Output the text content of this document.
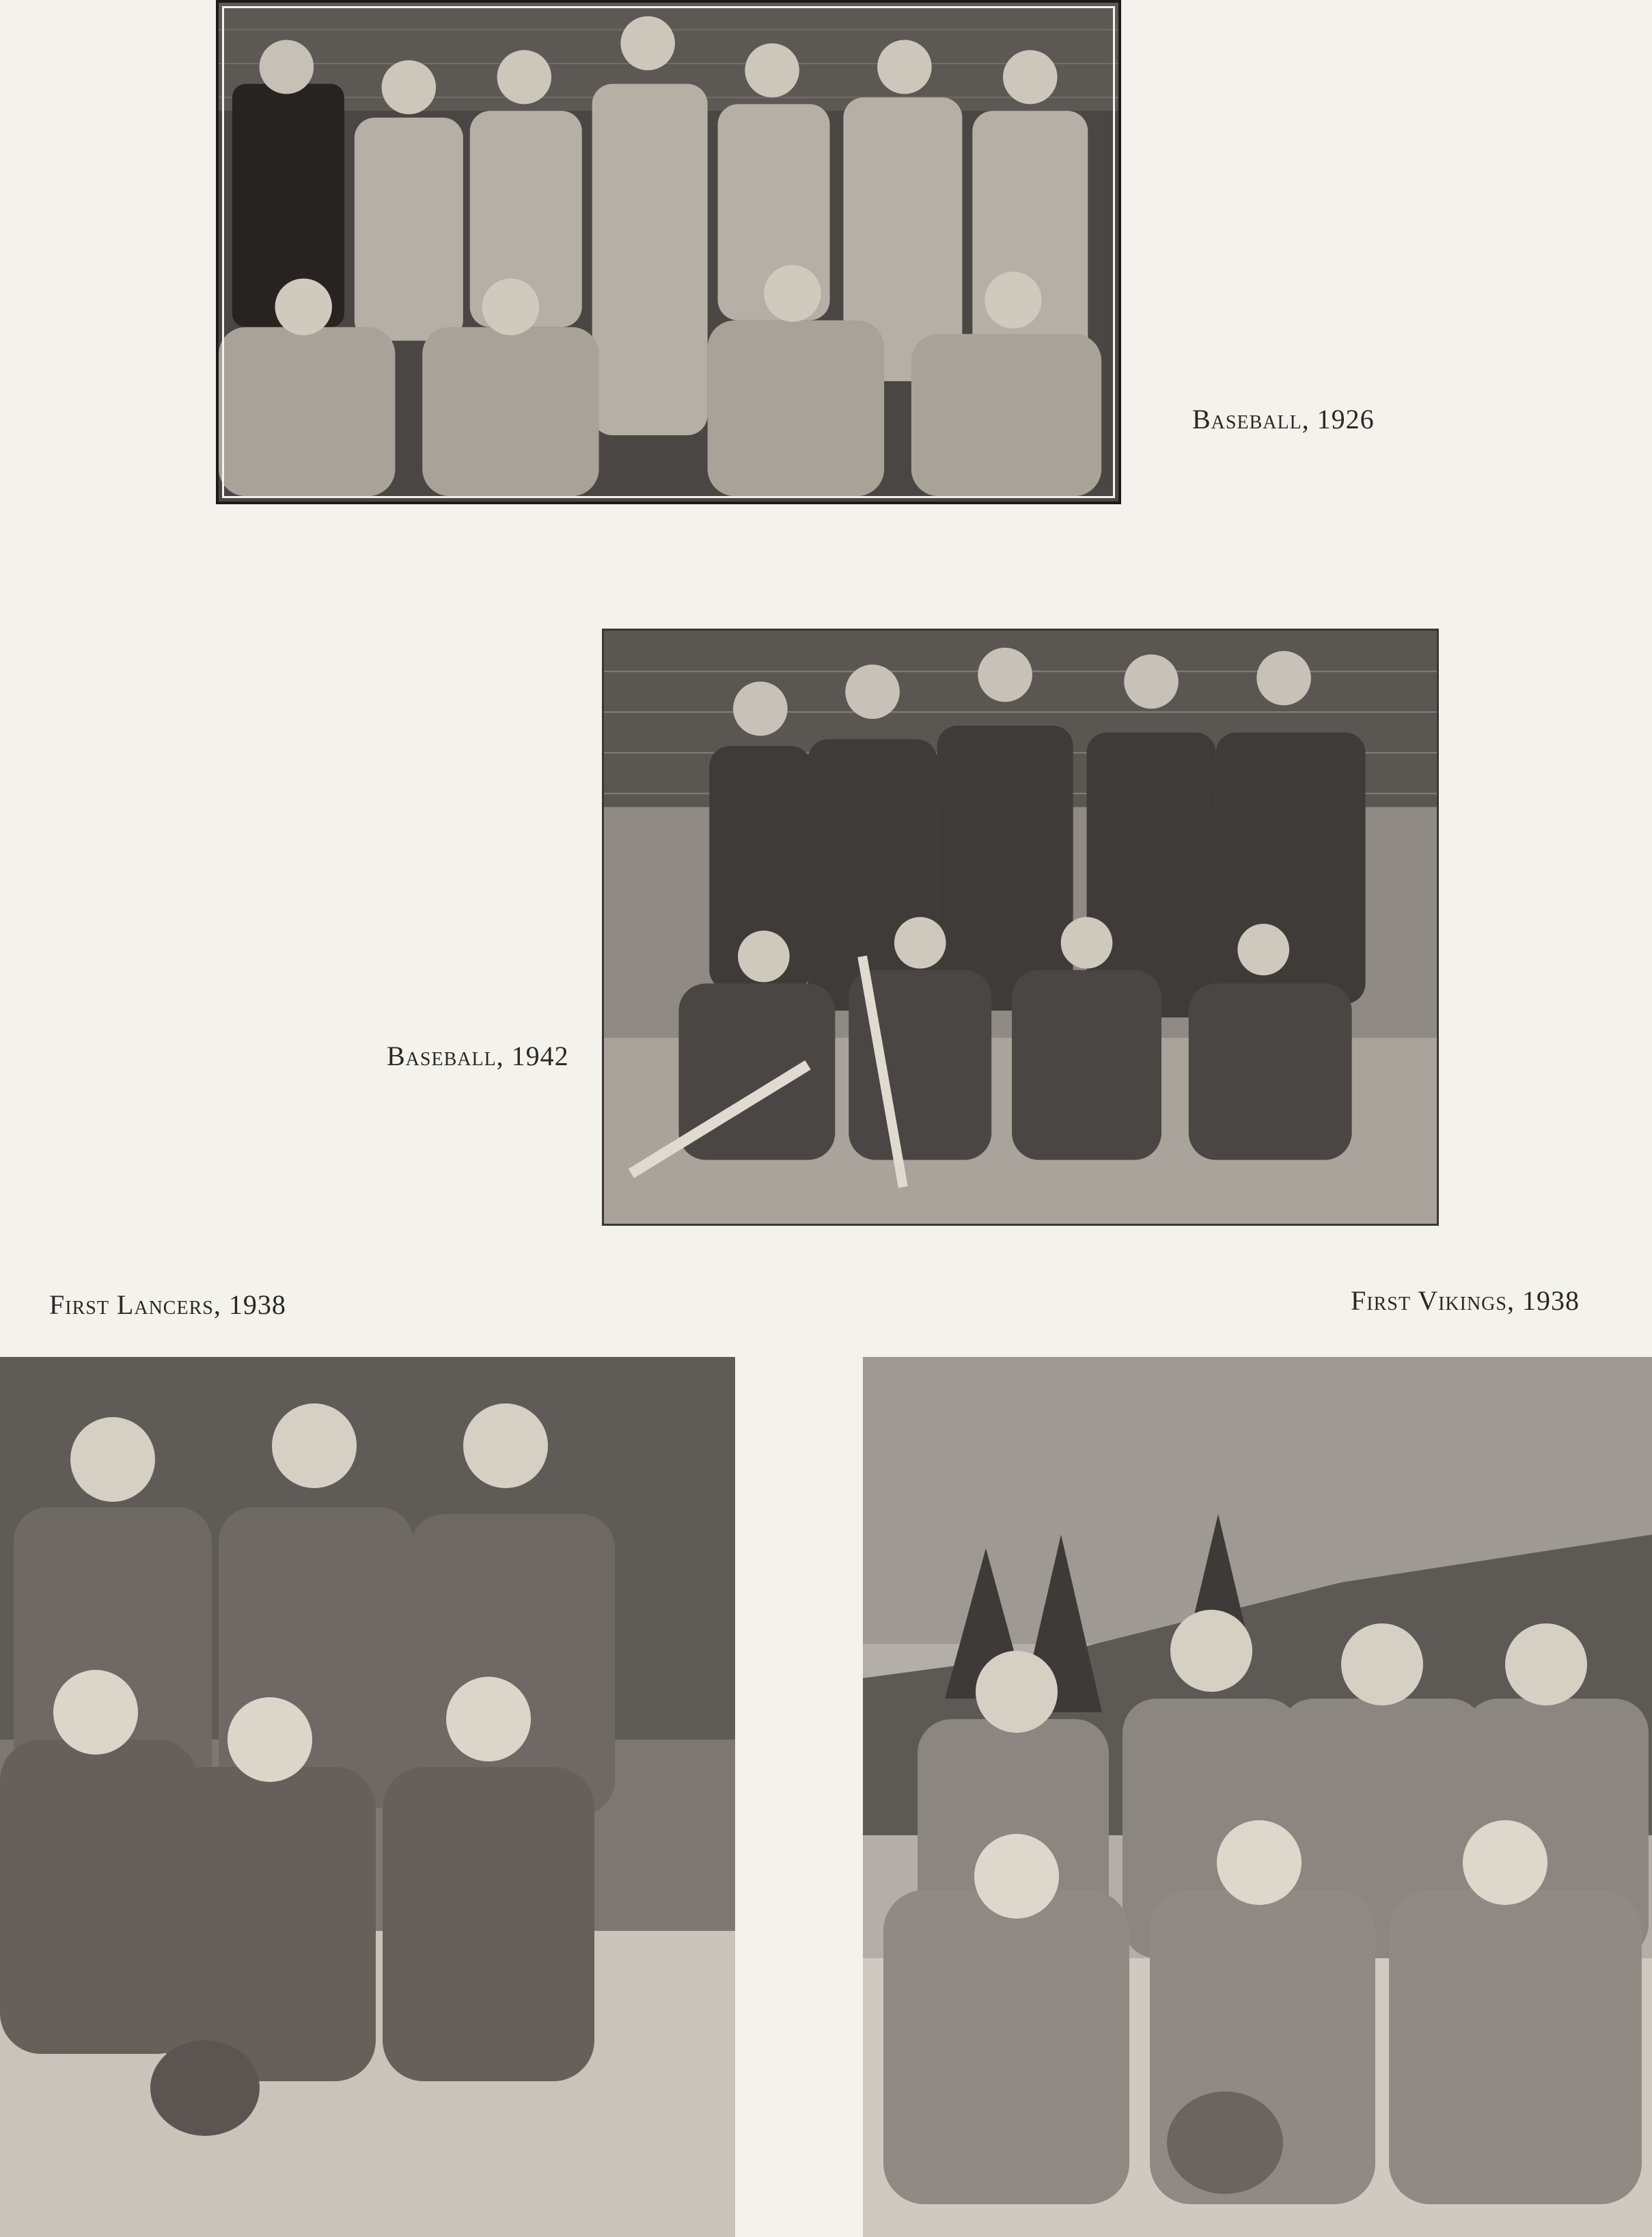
Baseball, 1926
Baseball, 1942
First Lancers, 1938	First Vikings, 1938
